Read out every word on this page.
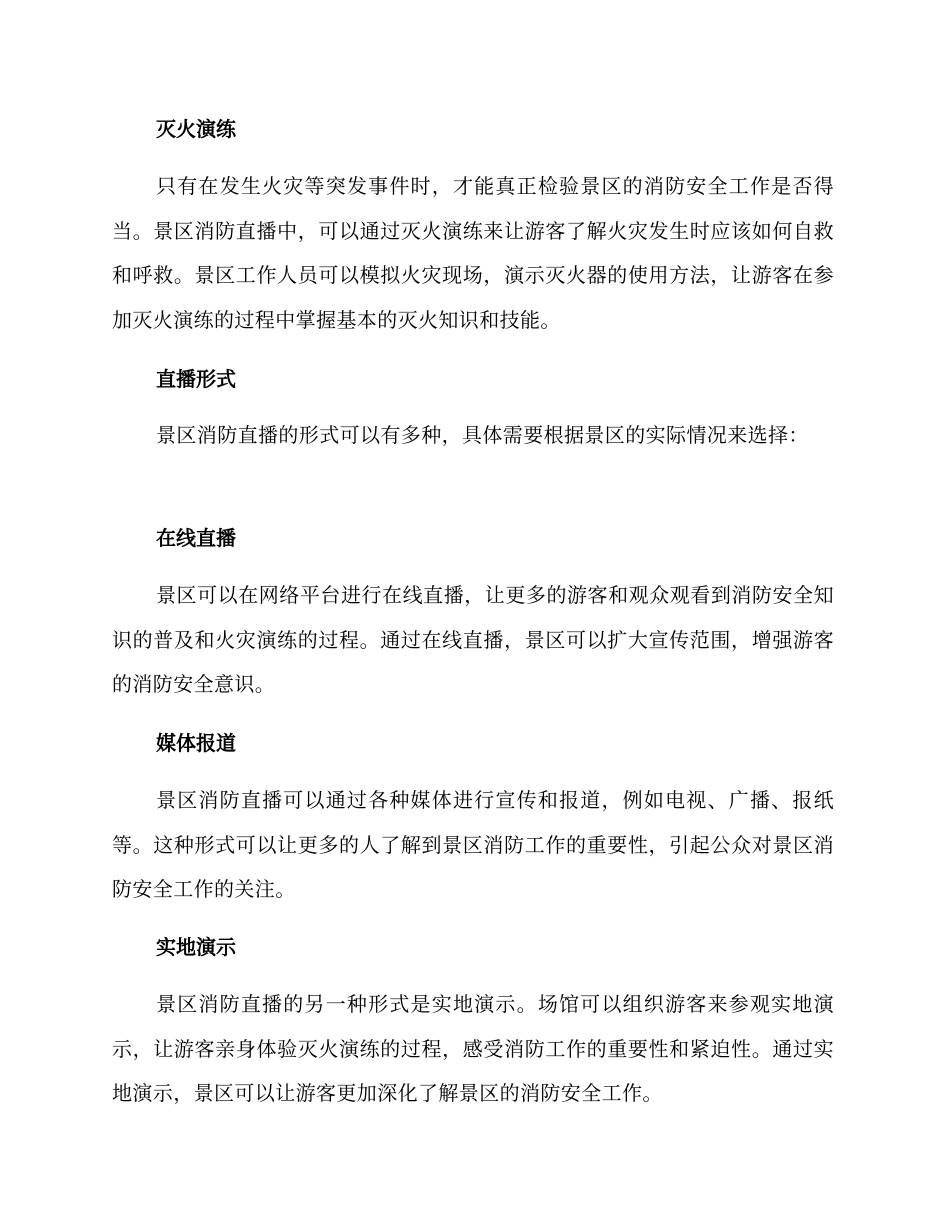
灭火演练
只有在发生火灾等突发事件时，才能真正检验景区的消防安全工作是否得当。景区消防直播中，可以通过灭火演练来让游客了解火灾发生时应该如何自救和呼救。景区工作人员可以模拟火灾现场，演示灭火器的使用方法，让游客在参加灭火演练的过程中掌握基本的灭火知识和技能。
直播形式
景区消防直播的形式可以有多种，具体需要根据景区的实际情况来选择：
在线直播
景区可以在网络平台进行在线直播，让更多的游客和观众观看到消防安全知识的普及和火灾演练的过程。通过在线直播，景区可以扩大宣传范围，增强游客的消防安全意识。
媒体报道
景区消防直播可以通过各种媒体进行宣传和报道，例如电视、广播、报纸等。这种形式可以让更多的人了解到景区消防工作的重要性，引起公众对景区消防安全工作的关注。
实地演示
景区消防直播的另一种形式是实地演示。场馆可以组织游客来参观实地演示，让游客亲身体验灭火演练的过程，感受消防工作的重要性和紧迫性。通过实地演示，景区可以让游客更加深化了解景区的消防安全工作。
